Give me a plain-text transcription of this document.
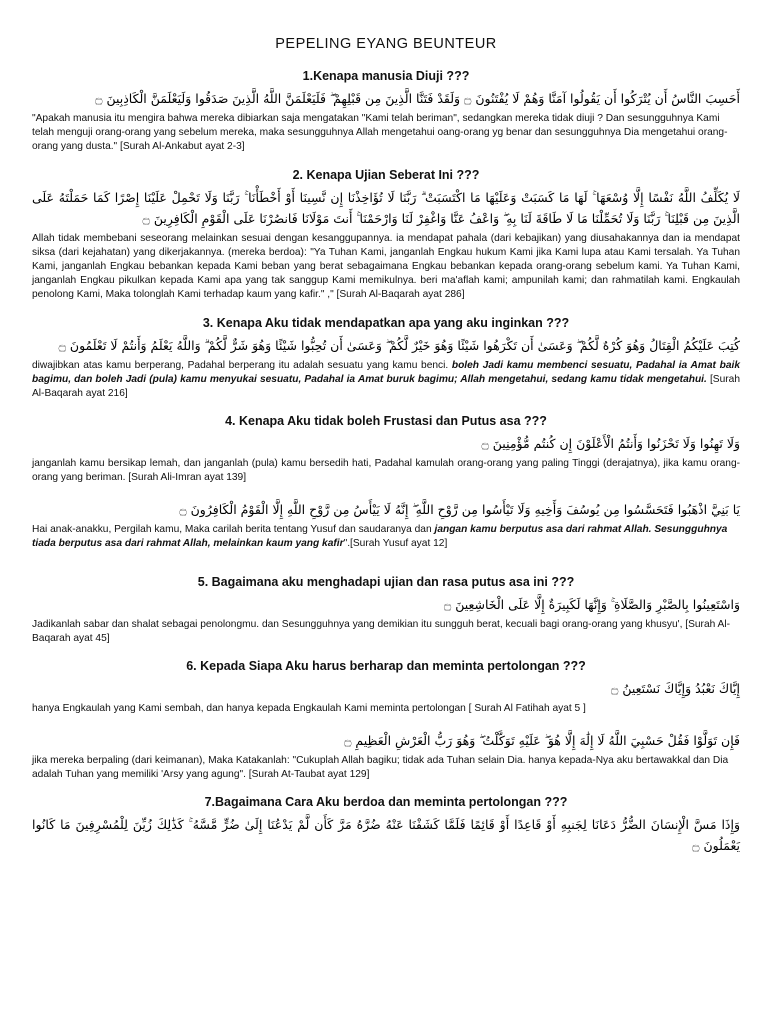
PEPELING EYANG BEUNTEUR
1.Kenapa manusia Diuji ???

أَحَسِبَ النَّاسُ أَن يُتْرَكُوا أَن يَقُولُوا آمَنَّا وَهُمْ لَا يُفْتَنُونَ ۝ وَلَقَدْ فَتَنَّا الَّذِينَ مِن قَبْلِهِمْ ۖ فَلَيَعْلَمَنَّ اللَّهُ الَّذِينَ صَدَقُوا وَلَيَعْلَمَنَّ الْكَاذِبِينَ ۝

"Apakah manusia itu mengira bahwa mereka dibiarkan saja mengatakan "Kami telah beriman", sedangkan mereka tidak diuji ? Dan sesungguhnya Kami telah menguji orang-orang yang sebelum mereka, maka sesungguhnya Allah mengetahui oang-orang yg benar dan sesungguhnya Dia mengetahui orang-orang yang dusta." [Surah Al-Ankabut ayat 2-3]

2. Kenapa Ujian Seberat Ini ???

لَا يُكَلِّفُ اللَّهُ نَفْسًا إِلَّا وُسْعَهَا ۚ لَهَا مَا كَسَبَتْ وَعَلَيْهَا مَا اكْتَسَبَتْ ۗ رَبَّنَا لَا تُؤَاخِذْنَا إِن نَّسِينَا أَوْ أَخْطَأْنَا ۚ رَبَّنَا وَلَا تَحْمِلْ عَلَيْنَا إِصْرًا كَمَا حَمَلْتَهُ عَلَى الَّذِينَ مِن قَبْلِنَا ۚ رَبَّنَا وَلَا تُحَمِّلْنَا مَا لَا طَاقَةَ لَنَا بِهِ ۖ وَاعْفُ عَنَّا وَاغْفِرْ لَنَا وَارْحَمْنَا ۚ أَنتَ مَوْلَانَا فَانصُرْنَا عَلَى الْقَوْمِ الْكَافِرِينَ ۝

Allah tidak membebani seseorang melainkan sesuai dengan kesanggupannya. ia mendapat pahala (dari kebajikan) yang diusahakannya dan ia mendapat siksa (dari kejahatan) yang dikerjakannya. (mereka berdoa): "Ya Tuhan Kami, janganlah Engkau hukum Kami jika Kami lupa atau Kami tersalah. Ya Tuhan Kami, janganlah Engkau bebankan kepada Kami beban yang berat sebagaimana Engkau bebankan kepada orang-orang sebelum kami. Ya Tuhan Kami, janganlah Engkau pikulkan kepada Kami apa yang tak sanggup Kami memikulnya. beri ma'aflah kami; ampunilah kami; dan rahmatilah kami. Engkaulah penolong Kami, Maka tolonglah Kami terhadap kaum yang kafir." ," [Surah Al-Baqarah ayat 286]

3. Kenapa Aku tidak mendapatkan apa yang aku inginkan ???

كُتِبَ عَلَيْكُمُ الْقِتَالُ وَهُوَ كُرْهٌ لَّكُمْ ۖ وَعَسَىٰ أَن تَكْرَهُوا شَيْئًا وَهُوَ خَيْرٌ لَّكُمْ ۖ وَعَسَىٰ أَن تُحِبُّوا شَيْئًا وَهُوَ شَرٌّ لَّكُمْ ۗ وَاللَّهُ يَعْلَمُ وَأَنتُمْ لَا تَعْلَمُونَ ۝

diwajibkan atas kamu berperang, Padahal berperang itu adalah sesuatu yang kamu benci. boleh Jadi kamu membenci sesuatu, Padahal ia Amat baik bagimu, dan boleh Jadi (pula) kamu menyukai sesuatu, Padahal ia Amat buruk bagimu; Allah mengetahui, sedang kamu tidak mengetahui. [Surah Al-Baqarah ayat 216]

4. Kenapa Aku tidak boleh Frustasi dan Putus asa ???

وَلَا تَهِنُوا وَلَا تَحْزَنُوا وَأَنتُمُ الْأَعْلَوْنَ إِن كُنتُم مُّؤْمِنِينَ ۝

janganlah kamu bersikap lemah, dan janganlah (pula) kamu bersedih hati, Padahal kamulah orang-orang yang paling Tinggi (derajatnya), jika kamu orang-orang yang beriman. [Surah Ali-Imran ayat 139]

يَا بَنِيَّ اذْهَبُوا فَتَحَسَّسُوا مِن يُوسُفَ وَأَخِيهِ وَلَا تَيْأَسُوا مِن رَّوْحِ اللَّهِ ۖ إِنَّهُ لَا يَيْأَسُ مِن رَّوْحِ اللَّهِ إِلَّا الْقَوْمُ الْكَافِرُونَ ۝

Hai anak-anakku, Pergilah kamu, Maka carilah berita tentang Yusuf dan saudaranya dan jangan kamu berputus asa dari rahmat Allah. Sesungguhnya tiada berputus asa dari rahmat Allah, melainkan kaum yang kafir".[Surah Yusuf ayat 12]

5. Bagaimana aku menghadapi ujian dan rasa putus asa ini ???

وَاسْتَعِينُوا بِالصَّبْرِ وَالصَّلَاةِ ۚ وَإِنَّهَا لَكَبِيرَةٌ إِلَّا عَلَى الْخَاشِعِينَ ۝

Jadikanlah sabar dan shalat sebagai penolongmu. dan Sesungguhnya yang demikian itu sungguh berat, kecuali bagi orang-orang yang khusyu', [Surah Al-Baqarah ayat 45]

6. Kepada Siapa Aku harus berharap dan meminta pertolongan ???

إِيَّاكَ نَعْبُدُ وَإِيَّاكَ نَسْتَعِينُ ۝

hanya Engkaulah yang Kami sembah, dan hanya kepada Engkaulah Kami meminta pertolongan [ Surah Al Fatihah ayat 5 ]

فَإِن تَوَلَّوْا فَقُلْ حَسْبِيَ اللَّهُ لَا إِلَٰهَ إِلَّا هُوَ ۖ عَلَيْهِ تَوَكَّلْتُ ۖ وَهُوَ رَبُّ الْعَرْشِ الْعَظِيمِ ۝

jika mereka berpaling (dari keimanan), Maka Katakanlah: "Cukuplah Allah bagiku; tidak ada Tuhan selain Dia. hanya kepada-Nya aku bertawakkal dan Dia adalah Tuhan yang memiliki 'Arsy yang agung". [Surah At-Taubat ayat 129]

7.Bagaimana Cara Aku berdoa dan meminta pertolongan ???

وَإِذَا مَسَّ الْإِنسَانَ الضُّرُّ دَعَانَا لِجَنبِهِ أَوْ قَاعِدًا أَوْ قَائِمًا فَلَمَّا كَشَفْنَا عَنْهُ ضُرَّهُ مَرَّ كَأَن لَّمْ يَدْعُنَا إِلَىٰ ضُرٍّ مَّسَّهُ ۚ كَذَٰلِكَ زُيِّنَ لِلْمُسْرِفِينَ مَا كَانُوا يَعْمَلُونَ ۝
